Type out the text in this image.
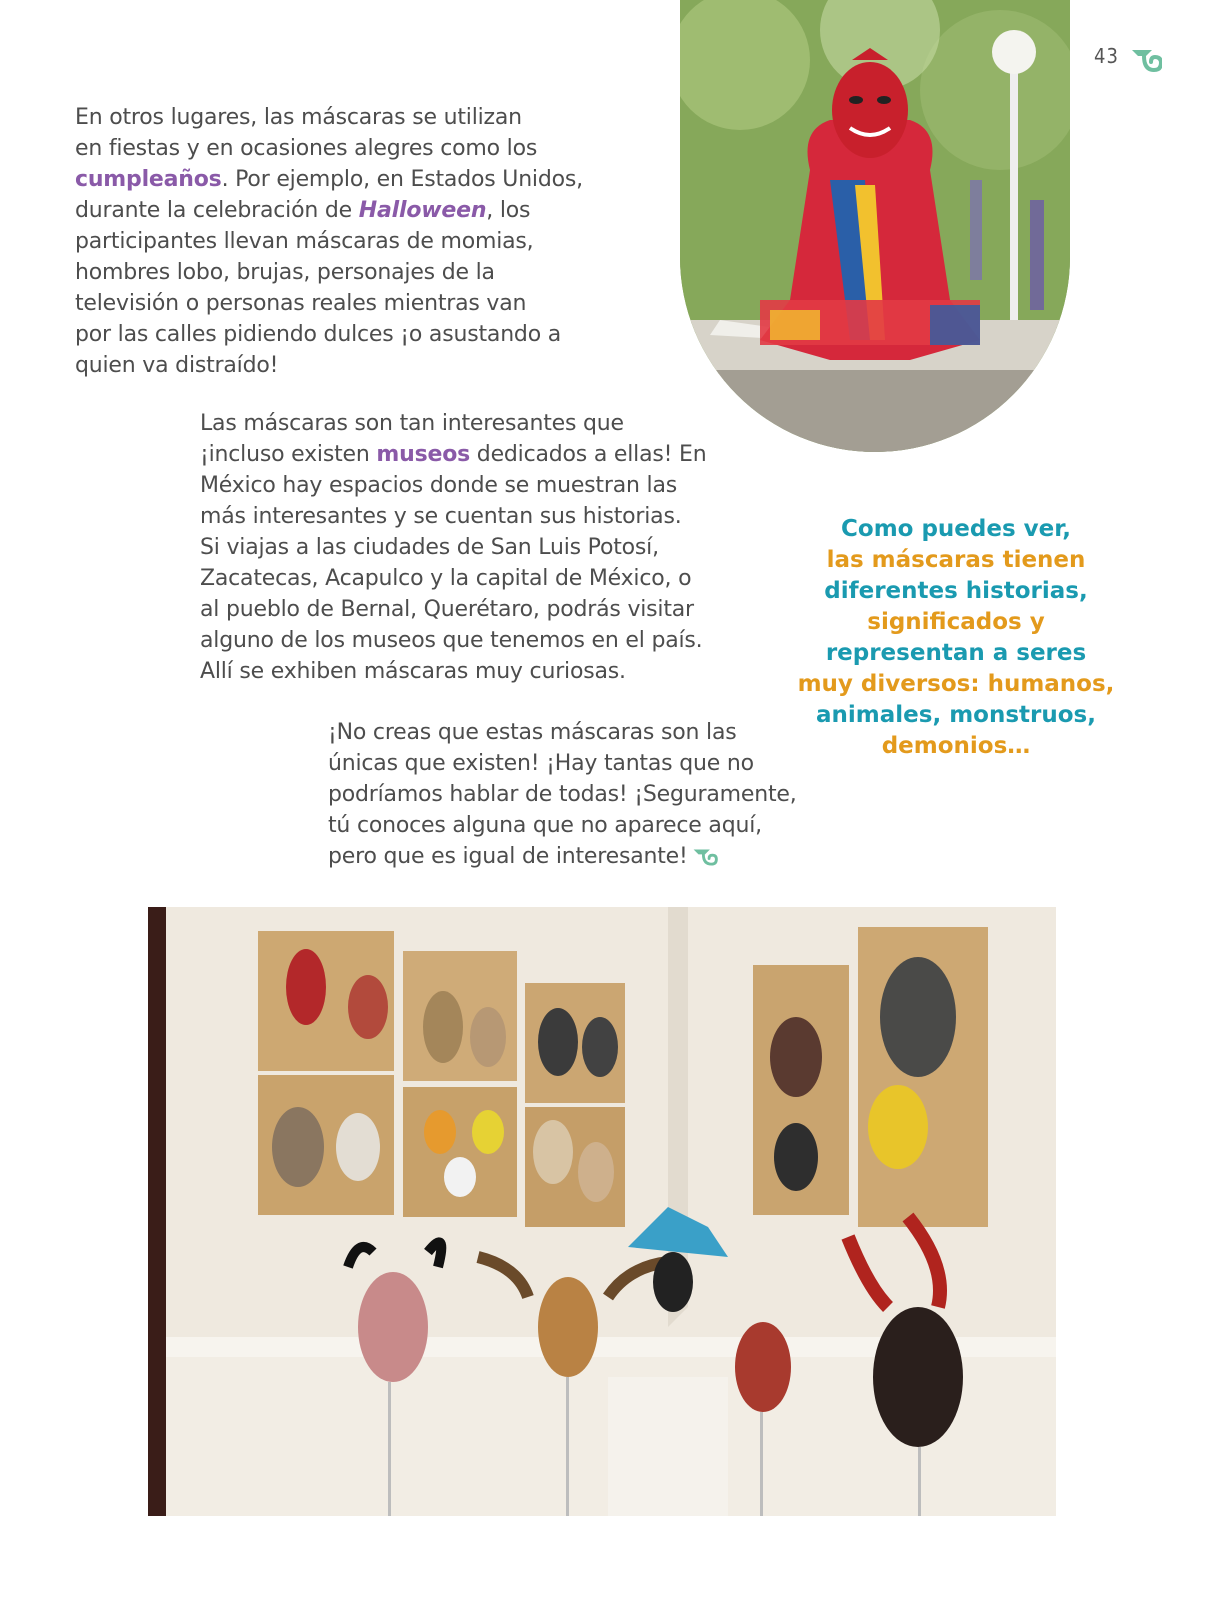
43
En otros lugares, las máscaras se utilizan
en fiestas y en ocasiones alegres como los
cumpleaños. Por ejemplo, en Estados Unidos,
durante la celebración de Halloween, los
participantes llevan máscaras de momias,
hombres lobo, brujas, personajes de la
televisión o personas reales mientras van
por las calles pidiendo dulces ¡o asustando a
quien va distraído!
Las máscaras son tan interesantes que
¡incluso existen museos dedicados a ellas! En
México hay espacios donde se muestran las
más interesantes y se cuentan sus historias.
Si viajas a las ciudades de San Luis Potosí,
Zacatecas, Acapulco y la capital de México, o
al pueblo de Bernal, Querétaro, podrás visitar
alguno de los museos que tenemos en el país.
Allí se exhiben máscaras muy curiosas.
¡No creas que estas máscaras son las
únicas que existen! ¡Hay tantas que no
podríamos hablar de todas! ¡Seguramente,
tú conoces alguna que no aparece aquí,
pero que es igual de interesante!
Como puedes ver,
las máscaras tienen
diferentes historias,
significados y
representan a seres
muy diversos: humanos,
animales, monstruos,
demonios…
